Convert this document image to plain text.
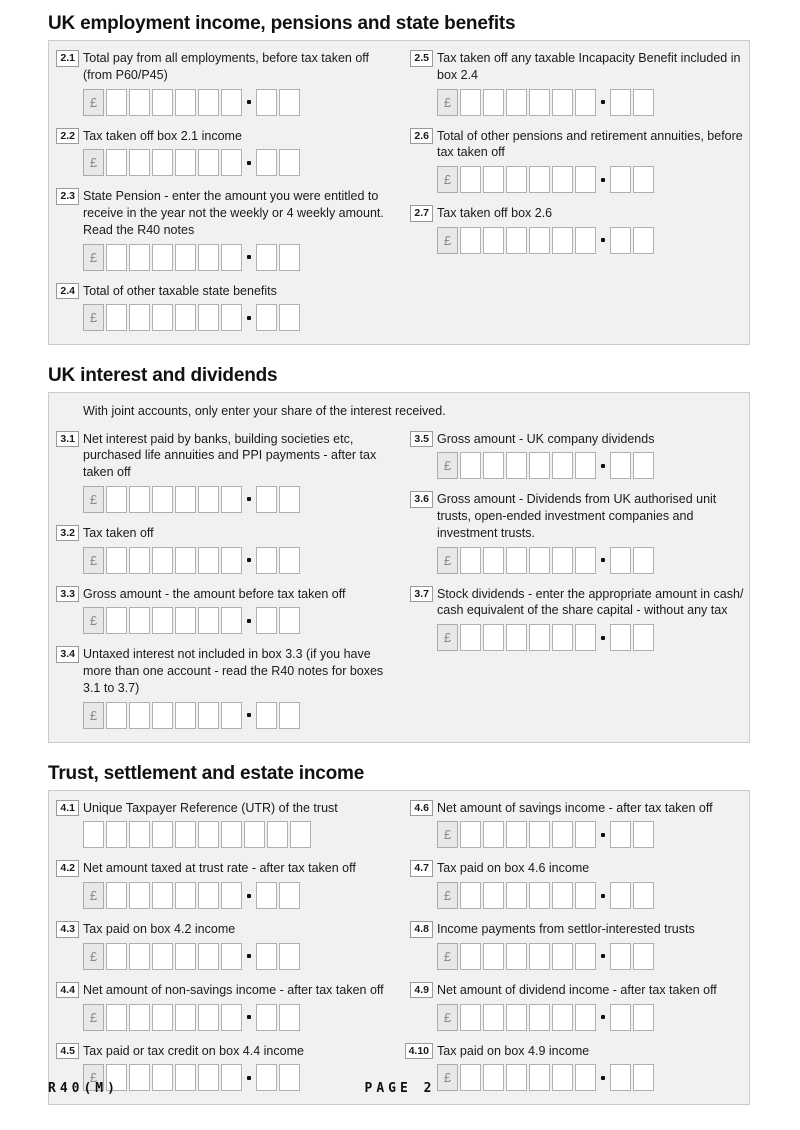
UK employment income, pensions and state benefits
2.1 Total pay from all employments, before tax taken off (from P60/P45)
£
2.2 Tax taken off box 2.1 income
£
2.3 State Pension - enter the amount you were entitled to receive in the year not the weekly or 4 weekly amount. Read the R40 notes
£
2.4 Total of other taxable state benefits
£
2.5 Tax taken off any taxable Incapacity Benefit included in box 2.4
£
2.6 Total of other pensions and retirement annuities, before tax taken off
£
2.7 Tax taken off box 2.6
£
UK interest and dividends
With joint accounts, only enter your share of the interest received.
3.1 Net interest paid by banks, building societies etc, purchased life annuities and PPI payments - after tax taken off
£
3.2 Tax taken off
£
3.3 Gross amount - the amount before tax taken off
£
3.4 Untaxed interest not included in box 3.3 (if you have more than one account - read the R40 notes for boxes 3.1 to 3.7)
£
3.5 Gross amount - UK company dividends
£
3.6 Gross amount - Dividends from UK authorised unit trusts, open-ended investment companies and investment trusts.
£
3.7 Stock dividends - enter the appropriate amount in cash/ cash equivalent of the share capital - without any tax
£
Trust, settlement and estate income
4.1 Unique Taxpayer Reference (UTR) of the trust
4.2 Net amount taxed at trust rate - after tax taken off
£
4.3 Tax paid on box 4.2 income
£
4.4 Net amount of non-savings income - after tax taken off
£
4.5 Tax paid or tax credit on box 4.4 income
£
4.6 Net amount of savings income - after tax taken off
£
4.7 Tax paid on box 4.6 income
£
4.8 Income payments from settlor-interested trusts
£
4.9 Net amount of dividend income - after tax taken off
£
4.10 Tax paid on box 4.9 income
£
R40(M)	PAGE 2
